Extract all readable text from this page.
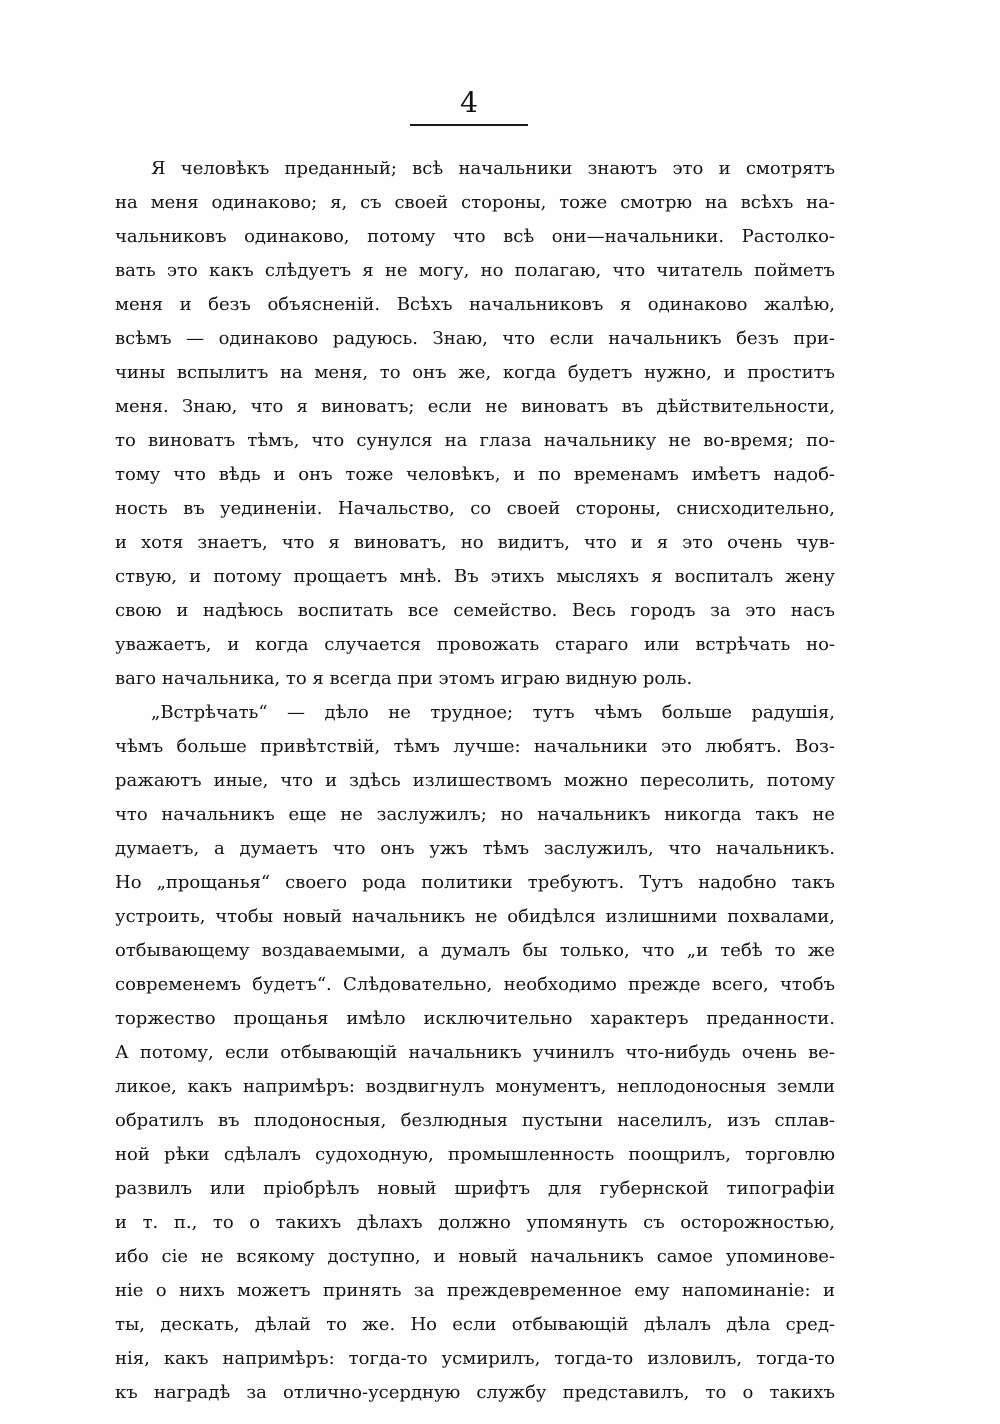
4
Я человѣкъ преданный; всѣ начальники знаютъ это и смотрятъ
на меня одинаково; я, съ своей стороны, тоже смотрю на всѣхъ на-
чальниковъ одинаково, потому что всѣ они—начальники. Растолко-
вать это какъ слѣдуетъ я не могу, но полагаю, что читатель пойметъ
меня и безъ объясненій. Всѣхъ начальниковъ я одинаково жалѣю,
всѣмъ — одинаково радуюсь. Знаю, что если начальникъ безъ при-
чины вспылитъ на меня, то онъ же, когда будетъ нужно, и проститъ
меня. Знаю, что я виноватъ; если не виноватъ въ дѣйствительности,
то виноватъ тѣмъ, что сунулся на глаза начальнику не во-время; по-
тому что вѣдь и онъ тоже человѣкъ, и по временамъ имѣетъ надоб-
ность въ уединеніи. Начальство, со своей стороны, снисходительно,
и хотя знаетъ, что я виноватъ, но видитъ, что и я это очень чув-
ствую, и потому прощаетъ мнѣ. Въ этихъ мысляхъ я воспиталъ жену
свою и надѣюсь воспитать все семейство. Весь городъ за это насъ
уважаетъ, и когда случается провожать стараго или встрѣчать но-
ваго начальника, то я всегда при этомъ играю видную роль.
„Встрѣчать“ — дѣло не трудное; тутъ чѣмъ больше радушія,
чѣмъ больше привѣтствій, тѣмъ лучше: начальники это любятъ. Воз-
ражаютъ иные, что и здѣсь излишествомъ можно пересолить, потому
что начальникъ еще не заслужилъ; но начальникъ никогда такъ не
думаетъ, а думаетъ что онъ ужъ тѣмъ заслужилъ, что начальникъ.
Но „прощанья“ своего рода политики требуютъ. Тутъ надобно такъ
устроить, чтобы новый начальникъ не обидѣлся излишними похвалами,
отбывающему воздаваемыми, а думалъ бы только, что „и тебѣ то же
современемъ будетъ“. Слѣдовательно, необходимо прежде всего, чтобъ
торжество прощанья имѣло исключительно характеръ преданности.
А потому, если отбывающій начальникъ учинилъ что-нибудь очень ве-
ликое, какъ напримѣръ: воздвигнулъ монументъ, неплодоносныя земли
обратилъ въ плодоносныя, безлюдныя пустыни населилъ, изъ сплав-
ной рѣки сдѣлалъ судоходную, промышленность поощрилъ, торговлю
развилъ или пріобрѣлъ новый шрифтъ для губернской типографіи
и т. п., то о такихъ дѣлахъ должно упомянуть съ осторожностью,
ибо сіе не всякому доступно, и новый начальникъ самое упоминове-
ніе о нихъ можетъ принять за преждевременное ему напоминаніе: и
ты, дескать, дѣлай то же. Но если отбывающій дѣлалъ дѣла сред-
нія, какъ напримѣръ: тогда-то усмирилъ, тогда-то изловилъ, тогда-то
къ наградѣ за отлично-усердную службу представилъ, то о такихъ
